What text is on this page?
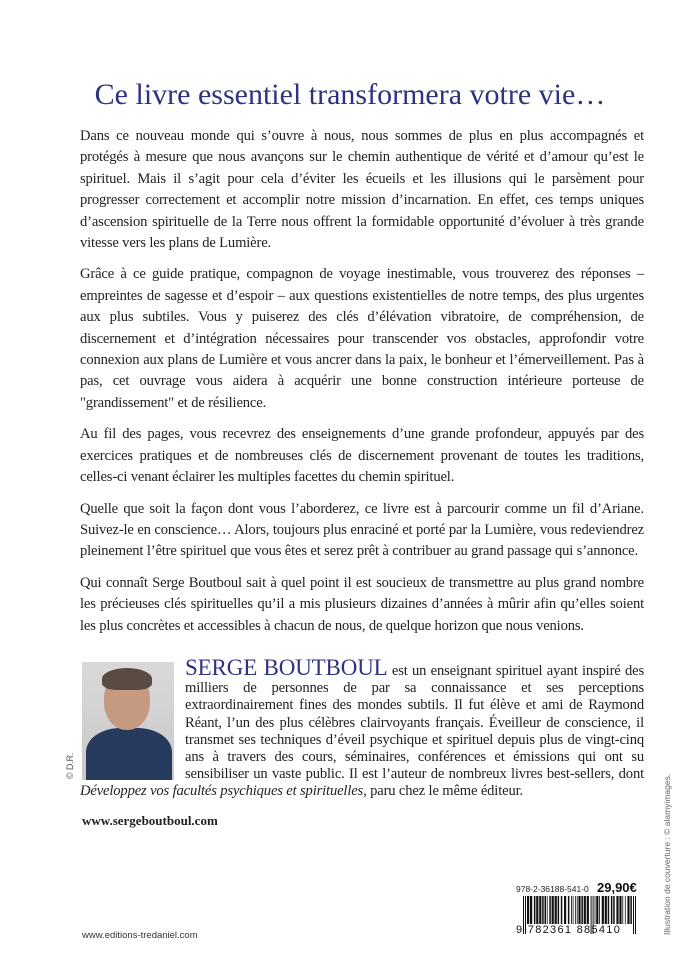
Ce livre essentiel transformera votre vie…

Dans ce nouveau monde qui s’ouvre à nous, nous sommes de plus en plus accompagnés et protégés à mesure que nous avançons sur le chemin authentique de vérité et d’amour qu’est le spirituel. Mais il s’agit pour cela d’éviter les écueils et les illusions qui le parsèment pour progresser correctement et accomplir notre mission d’incarnation. En effet, ces temps uniques d’ascension spirituelle de la Terre nous offrent la formidable opportunité d’évoluer à très grande vitesse vers les plans de Lumière.

Grâce à ce guide pratique, compagnon de voyage inestimable, vous trouverez des réponses – empreintes de sagesse et d’espoir – aux questions existentielles de notre temps, des plus urgentes aux plus subtiles. Vous y puiserez des clés d’élévation vibratoire, de compréhension, de discernement et d’intégration nécessaires pour transcender vos obstacles, approfondir votre connexion aux plans de Lumière et vous ancrer dans la paix, le bonheur et l’émerveillement. Pas à pas, cet ouvrage vous aidera à acquérir une bonne construction intérieure porteuse de "grandissement" et de résilience.

Au fil des pages, vous recevrez des enseignements d’une grande profondeur, appuyés par des exercices pratiques et de nombreuses clés de discernement provenant de toutes les traditions, celles-ci venant éclairer les multiples facettes du chemin spirituel.

Quelle que soit la façon dont vous l’aborderez, ce livre est à parcourir comme un fil d’Ariane. Suivez-le en conscience… Alors, toujours plus enraciné et porté par la Lumière, vous redeviendrez pleinement l’être spirituel que vous êtes et serez prêt à contribuer au grand passage qui s’annonce.

Qui connaît Serge Boutboul sait à quel point il est soucieux de transmettre au plus grand nombre les précieuses clés spirituelles qu’il a mis plusieurs dizaines d’années à mûrir afin qu’elles soient les plus concrètes et accessibles à chacun de nous, de quelque horizon que nous venions.

© D.R.
SERGE BOUTBOUL est un enseignant spirituel ayant inspiré des milliers de personnes de par sa connaissance et ses perceptions extraordinairement fines des mondes subtils. Il fut élève et ami de Raymond Réant, l’un des plus célèbres clairvoyants français. Éveilleur de conscience, il transmet ses techniques d’éveil psychique et spirituel depuis plus de vingt-cinq ans à travers des cours, séminaires, conférences et émissions qui ont su sensibiliser un vaste public. Il est l’auteur de nombreux livres best-sellers, dont Développez vos facultés psychiques et spirituelles, paru chez le même éditeur.
www.sergeboutboul.com
www.editions-tredaniel.com
Illustration de couverture : © alamyimages.
978-2-36188-541-0 29,90€
9 782361 885410
